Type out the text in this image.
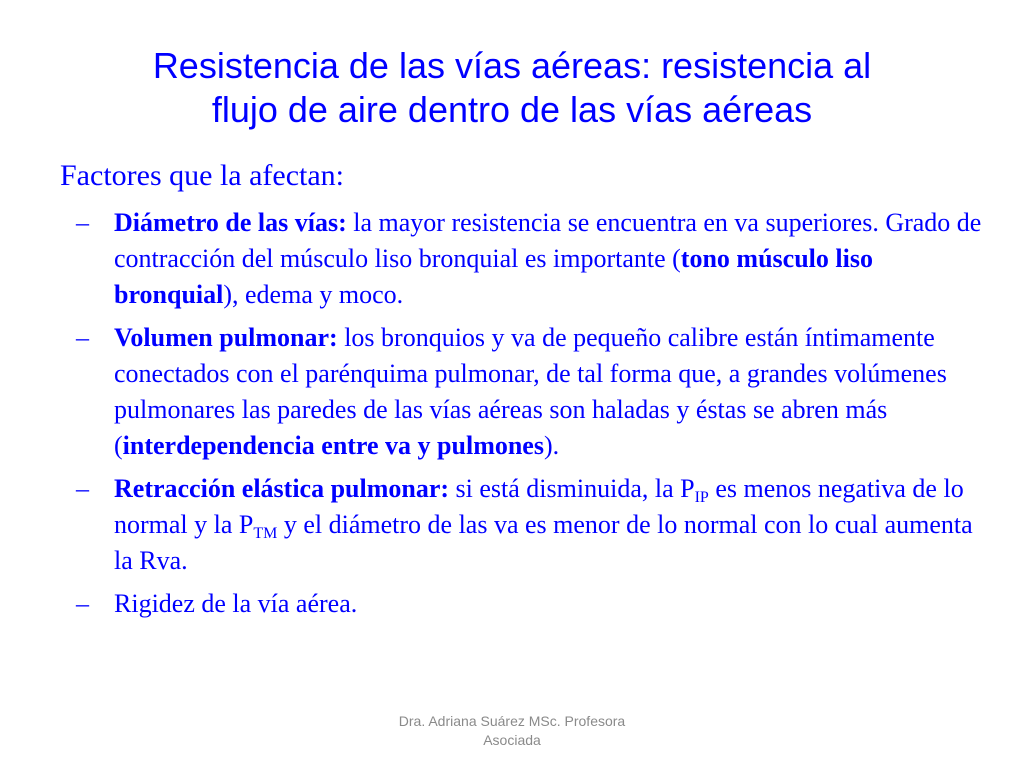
Resistencia de las vías aéreas: resistencia al
flujo de aire dentro de las vías aéreas

Factores que la afectan:

– Diámetro de las vías: la mayor resistencia se encuentra en va superiores. Grado de contracción del músculo liso bronquial es importante (tono músculo liso bronquial), edema y moco.
– Volumen pulmonar: los bronquios y va de pequeño calibre están íntimamente conectados con el parénquima pulmonar, de tal forma que, a grandes volúmenes pulmonares las paredes de las vías aéreas son haladas y éstas se abren más (interdependencia entre va y pulmones).
– Retracción elástica pulmonar: si está disminuida, la $P_{IP}$ es menos negativa de lo normal y la $P_{TM}$ y el diámetro de las va es menor de lo normal con lo cual aumenta la Rva.
– Rigidez de la vía aérea.

Dra. Adriana Suárez MSc. Profesora
Asociada
